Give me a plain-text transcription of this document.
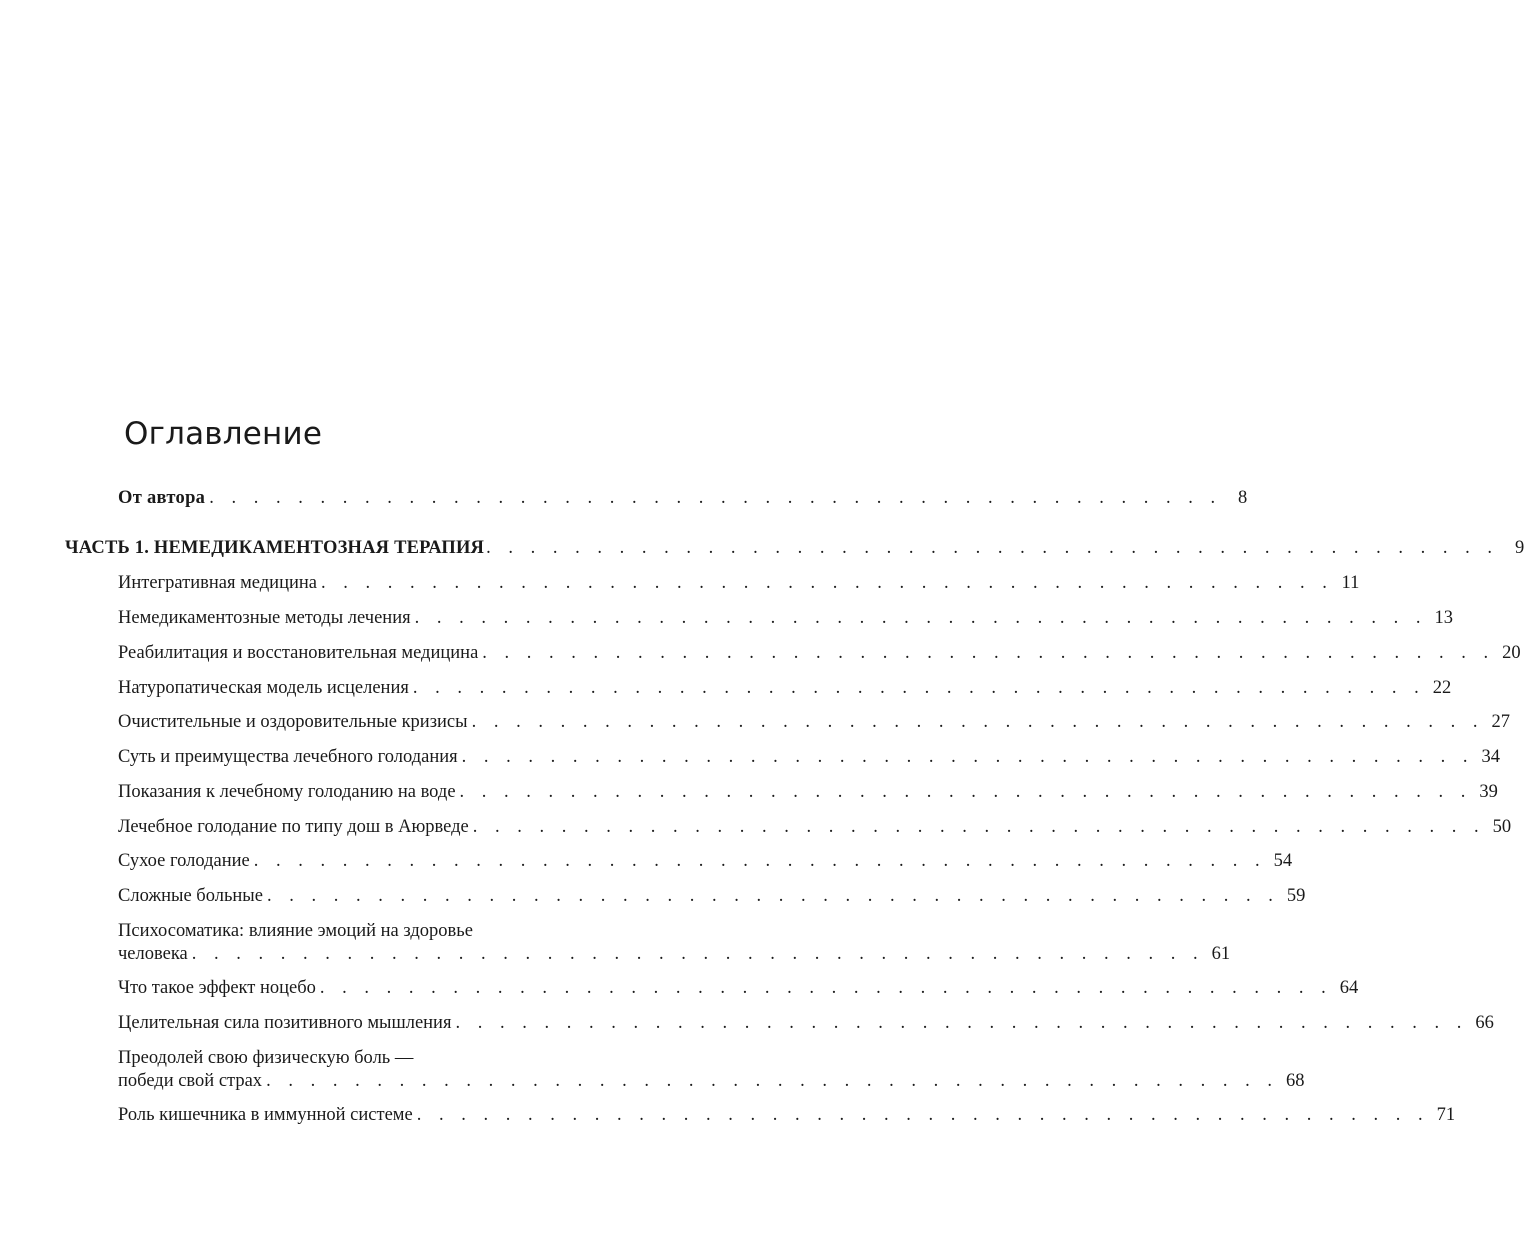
Оглавление
От автора . . . . . . . . . . . . . . . . . . . . . . . . . . . . . . . . . . . . . . . . . . . . . . 8
ЧАСТЬ 1. НЕМЕДИКАМЕНТОЗНАЯ ТЕРАПИЯ . . . . . . . . . . . . . . . . . . . . . . . . . . . . . . . . . . . . . . . . . . . . . . 9
Интегративная медицина . . . . . . . . . . . . . . . . . . . . . . . . . . . . . . . . . . . . . . . . . . . . . . 11
Немедикаментозные методы лечения . . . . . . . . . . . . . . . . . . . . . . . . . . . . . . . . . . . . . . . . . . . . . . 13
Реабилитация и восстановительная медицина . . . . . . . . . . . . . . . . . . . . . . . . . . . . . . . . . . . . . . . . . . . . . . 20
Натуропатическая модель исцеления . . . . . . . . . . . . . . . . . . . . . . . . . . . . . . . . . . . . . . . . . . . . . . 22
Очистительные и оздоровительные кризисы . . . . . . . . . . . . . . . . . . . . . . . . . . . . . . . . . . . . . . . . . . . . . . 27
Суть и преимущества лечебного голодания . . . . . . . . . . . . . . . . . . . . . . . . . . . . . . . . . . . . . . . . . . . . . . 34
Показания к лечебному голоданию на воде . . . . . . . . . . . . . . . . . . . . . . . . . . . . . . . . . . . . . . . . . . . . . . 39
Лечебное голодание по типу дош в Аюрведе . . . . . . . . . . . . . . . . . . . . . . . . . . . . . . . . . . . . . . . . . . . . . . 50
Сухое голодание . . . . . . . . . . . . . . . . . . . . . . . . . . . . . . . . . . . . . . . . . . . . . . 54
Сложные больные . . . . . . . . . . . . . . . . . . . . . . . . . . . . . . . . . . . . . . . . . . . . . . 59
Психосоматика: влияние эмоций на здоровье
человека . . . . . . . . . . . . . . . . . . . . . . . . . . . . . . . . . . . . . . . . . . . . . . 61
Что такое эффект ноцебо . . . . . . . . . . . . . . . . . . . . . . . . . . . . . . . . . . . . . . . . . . . . . . 64
Целительная сила позитивного мышления . . . . . . . . . . . . . . . . . . . . . . . . . . . . . . . . . . . . . . . . . . . . . . 66
Преодолей свою физическую боль —
победи свой страх . . . . . . . . . . . . . . . . . . . . . . . . . . . . . . . . . . . . . . . . . . . . . . 68
Роль кишечника в иммунной системе . . . . . . . . . . . . . . . . . . . . . . . . . . . . . . . . . . . . . . . . . . . . . . 71
